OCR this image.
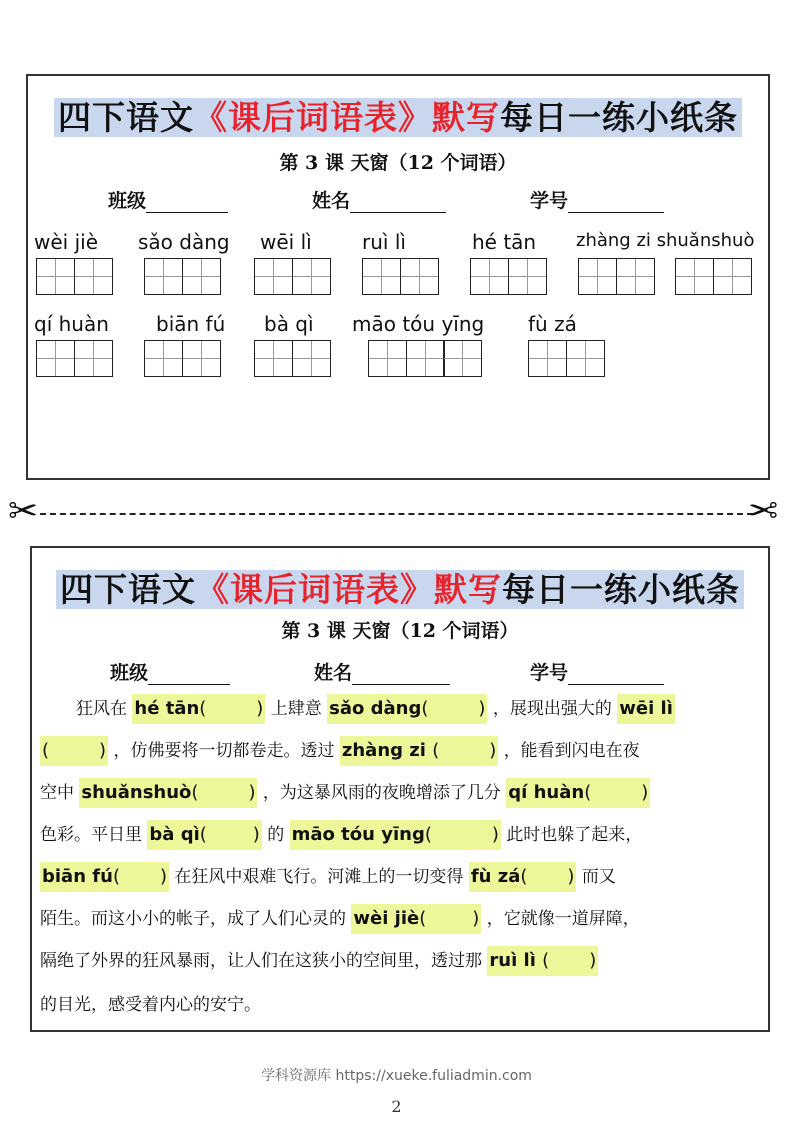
四下语文《课后词语表》默写每日一练小纸条
第 3 课 天窗（12 个词语）
班级	姓名	学号
wèi jiè	sǎo dàng wēi lì	ruì lì	hé tān	zhàng zi shuǎnshuò
qí huàn biān fú bà qì	māo tóu yīng fù zá
✂	✂
四下语文《课后词语表》默写每日一练小纸条
第 3 课 天窗（12 个词语）
班级	姓名	学号
狂风在 hé tān(	) 上肆意 sǎo dàng(	) ，展现出强大的 wēi lì
(	) ，仿佛要将一切都卷走。透过 zhàng zi (	) ，能看到闪电在夜
空中 shuǎnshuò(	) ，为这暴风雨的夜晚增添了几分 qí huàn(	)
色彩。平日里 bà qì(	) 的 māo tóu yīng(	) 此时也躲了起来，
biān fú( ) 在狂风中艰难飞行。河滩上的一切变得 fù zá( ) 而又
陌生。而这小小的帐子，成了人们心灵的 wèi jiè(	) ，它就像一道屏障，
隔绝了外界的狂风暴雨，让人们在这狭小的空间里，透过那 ruì lì ( )
的目光，感受着内心的安宁。
学科资源库 https://xueke.fuliadmin.com
2
